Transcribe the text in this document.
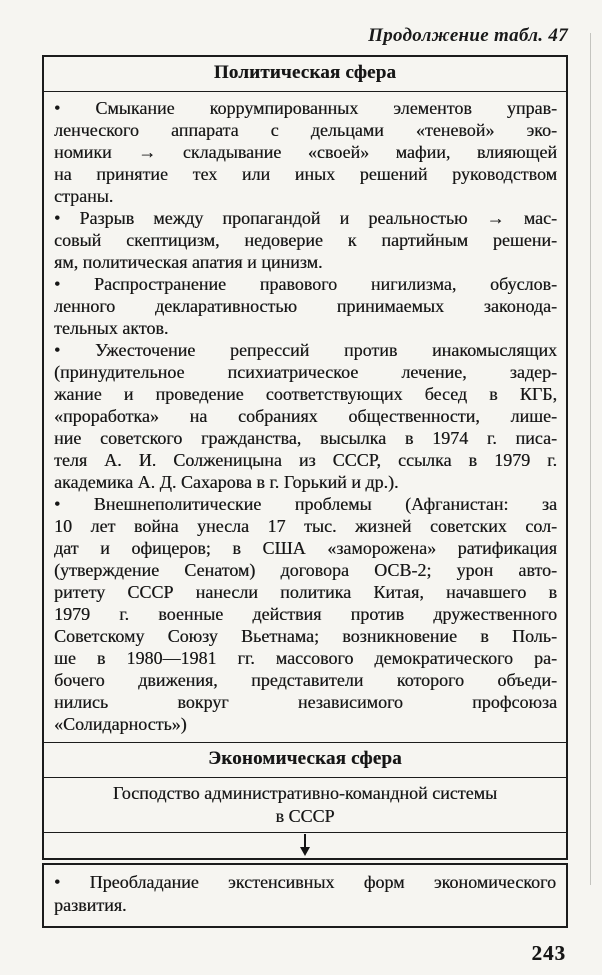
Продолжение табл. 47
Политическая сфера
• Смыкание коррумпированных элементов управ-
ленческого аппарата с дельцами «теневой» эко-
номики → складывание «своей» мафии, влияющей
на принятие тех или иных решений руководством
страны.
• Разрыв между пропагандой и реальностью → мас-
совый скептицизм, недоверие к партийным решени-
ям, политическая апатия и цинизм.
• Распространение правового нигилизма, обуслов-
ленного декларативностью принимаемых законода-
тельных актов.
• Ужесточение репрессий против инакомыслящих
(принудительное психиатрическое лечение, задер-
жание и проведение соответствующих бесед в КГБ,
«проработка» на собраниях общественности, лише-
ние советского гражданства, высылка в 1974 г. писа-
теля А. И. Солженицына из СССР, ссылка в 1979 г.
академика А. Д. Сахарова в г. Горький и др.).
• Внешнеполитические проблемы (Афганистан: за
10 лет война унесла 17 тыс. жизней советских сол-
дат и офицеров; в США «заморожена» ратификация
(утверждение Сенатом) договора ОСВ-2; урон авто-
ритету СССР нанесли политика Китая, начавшего в
1979 г. военные действия против дружественного
Советскому Союзу Вьетнама; возникновение в Поль-
ше в 1980—1981 гг. массового демократического ра-
бочего движения, представители которого объеди-
нились вокруг независимого профсоюза
«Солидарность»)
Экономическая сфера
Господство административно-командной системы
в СССР
• Преобладание экстенсивных форм экономического
развития.
243
